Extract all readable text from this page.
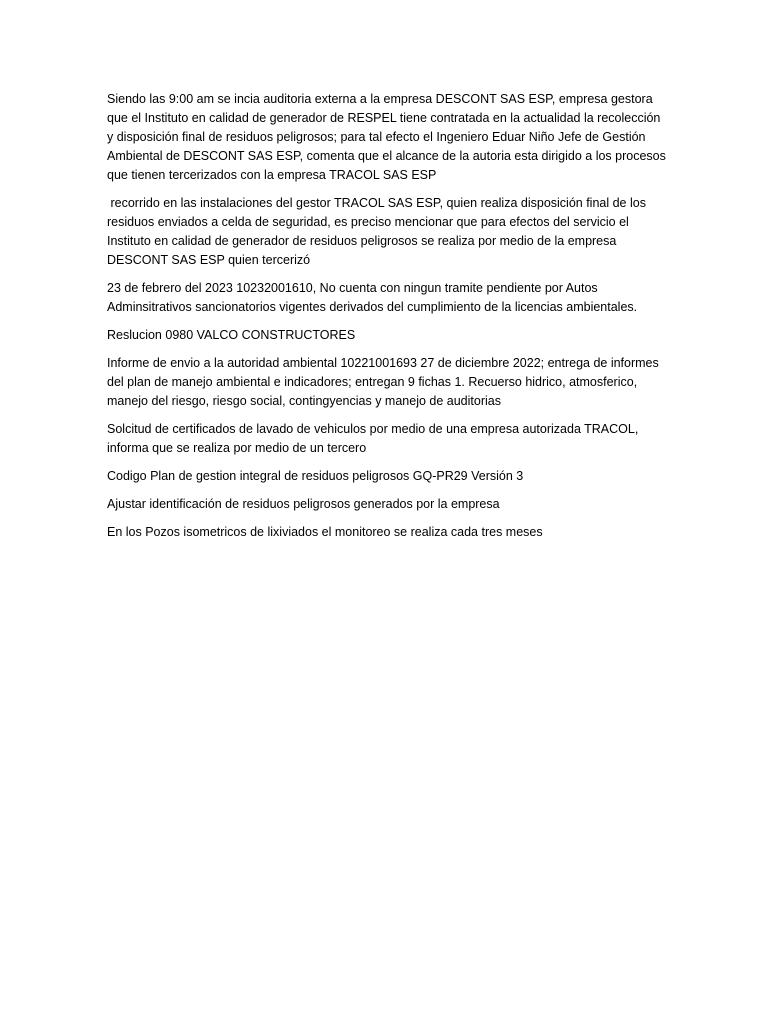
Siendo las 9:00 am se incia auditoria externa a la empresa DESCONT SAS ESP, empresa gestora que el Instituto en calidad de generador de RESPEL tiene contratada en la actualidad la recolección y disposición final de residuos peligrosos; para tal efecto el Ingeniero Eduar Niño Jefe de Gestión Ambiental de DESCONT SAS ESP, comenta que el alcance de la autoria esta dirigido a los procesos que tienen tercerizados con la empresa TRACOL SAS ESP

recorrido en las instalaciones del gestor TRACOL SAS ESP, quien realiza disposición final de los residuos enviados a celda de seguridad, es preciso mencionar que para efectos del servicio el Instituto en calidad de generador de residuos peligrosos se realiza por medio de la empresa DESCONT SAS ESP quien tercerizó

23 de febrero del 2023 10232001610, No cuenta con ningun tramite pendiente por Autos Adminsitrativos sancionatorios vigentes derivados del cumplimiento de la licencias ambientales.

Reslucion 0980 VALCO CONSTRUCTORES

Informe de envio a la autoridad ambiental 10221001693 27 de diciembre 2022; entrega de informes del plan de manejo ambiental e indicadores; entregan 9 fichas 1. Recuerso hidrico, atmosferico, manejo del riesgo, riesgo social, contingyencias y manejo de auditorias

Solcitud de certificados de lavado de vehiculos por medio de una empresa autorizada TRACOL, informa que se realiza por medio de un tercero

Codigo Plan de gestion integral de residuos peligrosos GQ-PR29 Versión 3

Ajustar identificación de residuos peligrosos generados por la empresa

En los Pozos isometricos de lixiviados el monitoreo se realiza cada tres meses
